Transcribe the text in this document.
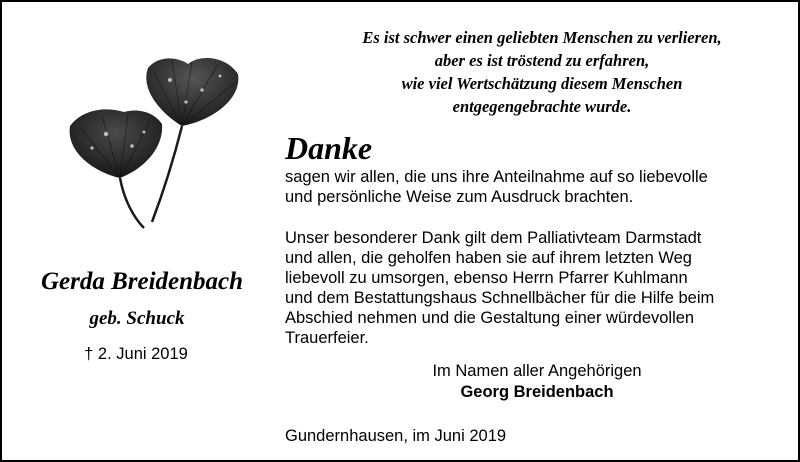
Es ist schwer einen geliebten Menschen zu verlieren,
aber es ist tröstend zu erfahren,
wie viel Wertschätzung diesem Menschen
entgegengebrachte wurde.
Gerda Breidenbach
geb. Schuck
† 2. Juni 2019
Danke
sagen wir allen, die uns ihre Anteilnahme auf so liebevolle
und persönliche Weise zum Ausdruck brachten.
Unser besonderer Dank gilt dem Palliativteam Darmstadt
und allen, die geholfen haben sie auf ihrem letzten Weg
liebevoll zu umsorgen, ebenso Herrn Pfarrer Kuhlmann
und dem Bestattungshaus Schnellbächer für die Hilfe beim
Abschied nehmen und die Gestaltung einer würdevollen
Trauerfeier.
Im Namen aller Angehörigen
Georg Breidenbach
Gundernhausen, im Juni 2019
